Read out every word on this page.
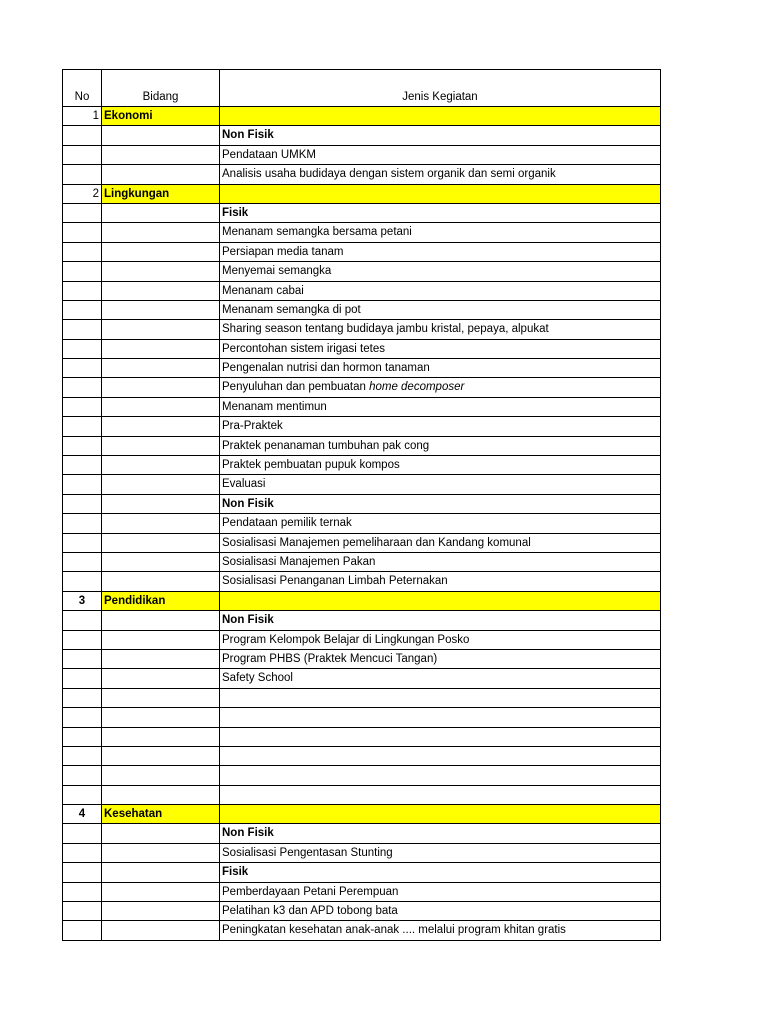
No	Bidang	Jenis Kegiatan
1 Ekonomi
Non Fisik
Pendataan UMKM
Analisis usaha budidaya dengan sistem organik dan semi organik
2 Lingkungan
Fisik
Menanam semangka bersama petani
Persiapan media tanam
Menyemai semangka
Menanam cabai
Menanam semangka di pot
Sharing season tentang budidaya jambu kristal, pepaya, alpukat
Percontohan sistem irigasi tetes
Pengenalan nutrisi dan hormon tanaman
Penyuluhan dan pembuatan home decomposer
Menanam mentimun
Pra-Praktek
Praktek penanaman tumbuhan pak cong
Praktek pembuatan pupuk kompos
Evaluasi
Non Fisik
Pendataan pemilik ternak
Sosialisasi Manajemen pemeliharaan dan Kandang komunal
Sosialisasi Manajemen Pakan
Sosialisasi Penanganan Limbah Peternakan
3	Pendidikan
Non Fisik
Program Kelompok Belajar di Lingkungan Posko
Program PHBS (Praktek Mencuci Tangan)
Safety School
4	Kesehatan
Non Fisik
Sosialisasi Pengentasan Stunting
Fisik
Pemberdayaan Petani Perempuan
Pelatihan k3 dan APD tobong bata
Peningkatan kesehatan anak-anak .... melalui program khitan gratis
